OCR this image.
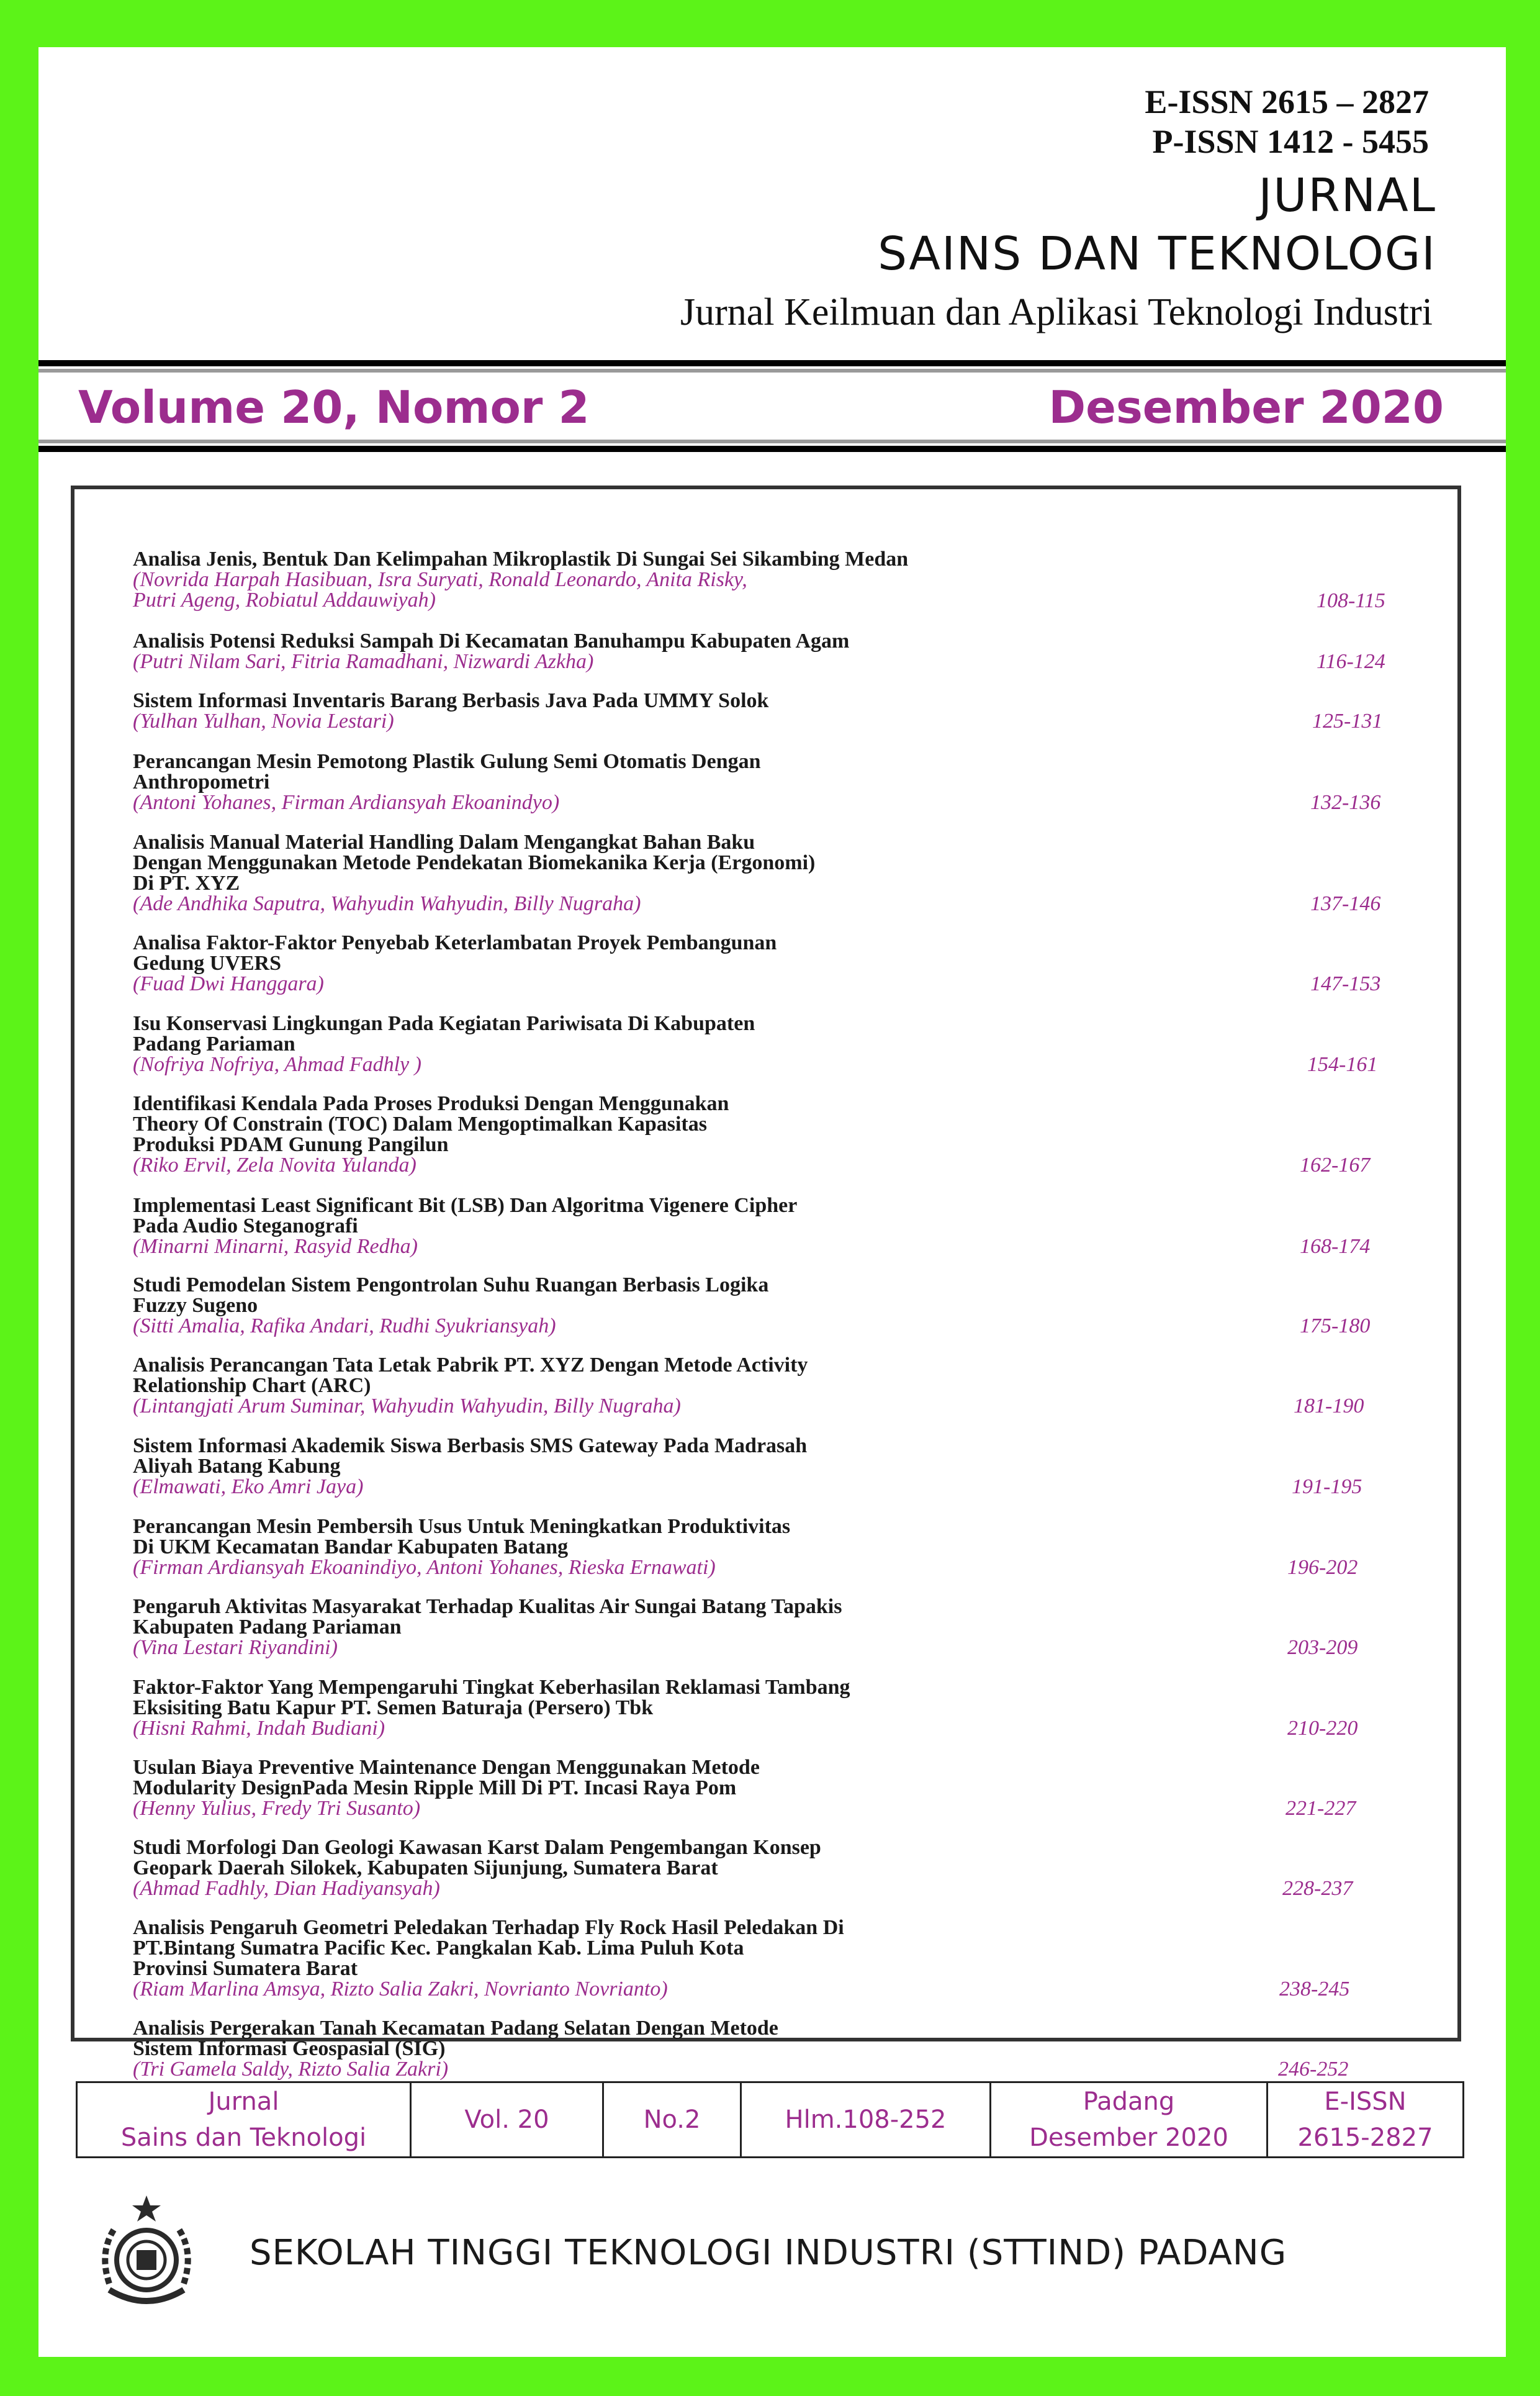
E-ISSN 2615 – 2827
P-ISSN 1412 - 5455
JURNAL
SAINS DAN TEKNOLOGI
Jurnal Keilmuan dan Aplikasi Teknologi Industri
Volume 20, Nomor 2	Desember 2020
Analisa Jenis, Bentuk Dan Kelimpahan Mikroplastik Di Sungai Sei Sikambing Medan
(Novrida Harpah Hasibuan, Isra Suryati, Ronald Leonardo, Anita Risky,
Putri Ageng, Robiatul Addauwiyah)	108-115
Analisis Potensi Reduksi Sampah Di Kecamatan Banuhampu Kabupaten Agam
(Putri Nilam Sari, Fitria Ramadhani, Nizwardi Azkha)	116-124
Sistem Informasi Inventaris Barang Berbasis Java Pada UMMY Solok
(Yulhan Yulhan, Novia Lestari)	125-131
Perancangan Mesin Pemotong Plastik Gulung Semi Otomatis Dengan
Anthropometri
(Antoni Yohanes, Firman Ardiansyah Ekoanindyo)	132-136
Analisis Manual Material Handling Dalam Mengangkat Bahan Baku
Dengan Menggunakan Metode Pendekatan Biomekanika Kerja (Ergonomi)
Di PT. XYZ
(Ade Andhika Saputra, Wahyudin Wahyudin, Billy Nugraha)	137-146
Analisa Faktor-Faktor Penyebab Keterlambatan Proyek Pembangunan
Gedung UVERS
(Fuad Dwi Hanggara)	147-153
Isu Konservasi Lingkungan Pada Kegiatan Pariwisata Di Kabupaten
Padang Pariaman
(Nofriya Nofriya, Ahmad Fadhly )	154-161
Identifikasi Kendala Pada Proses Produksi Dengan Menggunakan
Theory Of Constrain (TOC) Dalam Mengoptimalkan Kapasitas
Produksi PDAM Gunung Pangilun
(Riko Ervil, Zela Novita Yulanda)	162-167
Implementasi Least Significant Bit (LSB) Dan Algoritma Vigenere Cipher
Pada Audio Steganografi
(Minarni Minarni, Rasyid Redha)	168-174
Studi Pemodelan Sistem Pengontrolan Suhu Ruangan Berbasis Logika
Fuzzy Sugeno
(Sitti Amalia, Rafika Andari, Rudhi Syukriansyah)	175-180
Analisis Perancangan Tata Letak Pabrik PT. XYZ Dengan Metode Activity
Relationship Chart (ARC)
(Lintangjati Arum Suminar, Wahyudin Wahyudin, Billy Nugraha)	181-190
Sistem Informasi Akademik Siswa Berbasis SMS Gateway Pada Madrasah
Aliyah Batang Kabung
(Elmawati, Eko Amri Jaya)	191-195
Perancangan Mesin Pembersih Usus Untuk Meningkatkan Produktivitas
Di UKM Kecamatan Bandar Kabupaten Batang
(Firman Ardiansyah Ekoanindiyo, Antoni Yohanes, Rieska Ernawati)	196-202
Pengaruh Aktivitas Masyarakat Terhadap Kualitas Air Sungai Batang Tapakis
Kabupaten Padang Pariaman
(Vina Lestari Riyandini)	203-209
Faktor-Faktor Yang Mempengaruhi Tingkat Keberhasilan Reklamasi Tambang
Eksisiting Batu Kapur PT. Semen Baturaja (Persero) Tbk
(Hisni Rahmi, Indah Budiani)	210-220
Usulan Biaya Preventive Maintenance Dengan Menggunakan Metode
Modularity DesignPada Mesin Ripple Mill Di PT. Incasi Raya Pom
(Henny Yulius, Fredy Tri Susanto)	221-227
Studi Morfologi Dan Geologi Kawasan Karst Dalam Pengembangan Konsep
Geopark Daerah Silokek, Kabupaten Sijunjung, Sumatera Barat
(Ahmad Fadhly, Dian Hadiyansyah)	228-237
Analisis Pengaruh Geometri Peledakan Terhadap Fly Rock Hasil Peledakan Di
PT.Bintang Sumatra Pacific Kec. Pangkalan Kab. Lima Puluh Kota
Provinsi Sumatera Barat
(Riam Marlina Amsya, Rizto Salia Zakri, Novrianto Novrianto)	238-245
Analisis Pergerakan Tanah Kecamatan Padang Selatan Dengan Metode
Sistem Informasi Geospasial (SIG)
(Tri Gamela Saldy, Rizto Salia Zakri)	246-252
Jurnal
Sains dan Teknologi	Vol. 20	No.2	Hlm.108-252	Padang
Desember 2020	E-ISSN
2615-2827
SEKOLAH TINGGI TEKNOLOGI INDUSTRI (STTIND) PADANG
